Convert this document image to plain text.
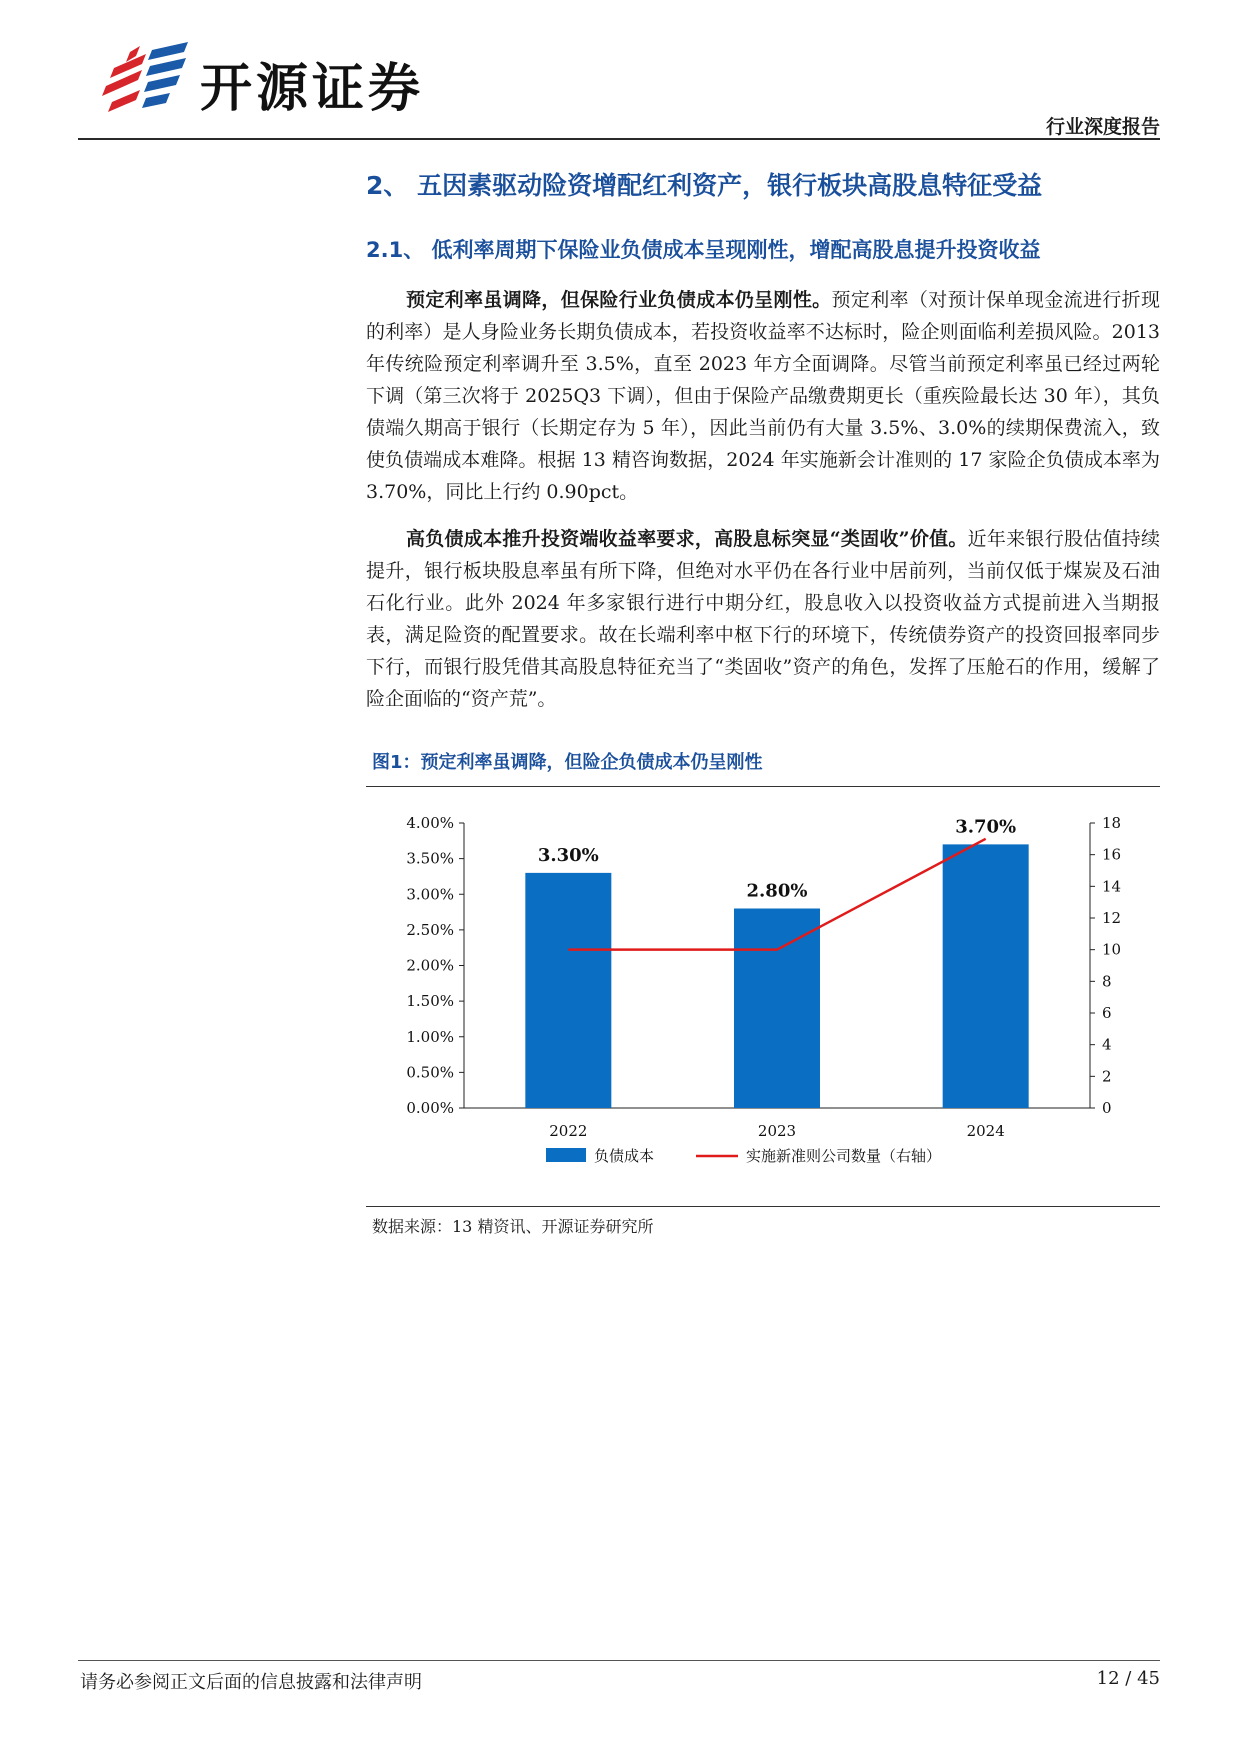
开源证券
行业深度报告
2、 五因素驱动险资增配红利资产，银行板块高股息特征受益
2.1、 低利率周期下保险业负债成本呈现刚性，增配高股息提升投资收益

预定利率虽调降，但保险行业负债成本仍呈刚性。预定利率（对预计保单现金流进行折现的利率）是人身险业务长期负债成本，若投资收益率不达标时，险企则面临利差损风险。2013 年传统险预定利率调升至 3.5%，直至 2023 年方全面调降。尽管当前预定利率虽已经过两轮下调（第三次将于 2025Q3 下调），但由于保险产品缴费期更长（重疾险最长达 30 年），其负债端久期高于银行（长期定存为 5 年），因此当前仍有大量 3.5%、3.0%的续期保费流入，致使负债端成本难降。根据 13 精咨询数据，2024 年实施新会计准则的 17 家险企负债成本率为 3.70%，同比上行约 0.90pct。

高负债成本推升投资端收益率要求，高股息标突显“类固收”价值。近年来银行股估值持续提升，银行板块股息率虽有所下降，但绝对水平仍在各行业中居前列，当前仅低于煤炭及石油石化行业。此外 2024 年多家银行进行中期分红，股息收入以投资收益方式提前进入当期报表，满足险资的配置要求。故在长端利率中枢下行的环境下，传统债券资产的投资回报率同步下行，而银行股凭借其高股息特征充当了“类固收”资产的角色，发挥了压舱石的作用，缓解了险企面临的“资产荒”。

图1：预定利率虽调降，但险企负债成本仍呈刚性
0.00%
0.50%
1.00%
1.50%
2.00%
2.50%
3.00%
3.50%
4.00%
0
2
4
6
8
10
12
14
16
18
3.30%
2.80%
3.70%
2022	2023	2024
负债成本	实施新准则公司数量（右轴）
数据来源：13 精资讯、开源证券研究所
请务必参阅正文后面的信息披露和法律声明	12 / 45
